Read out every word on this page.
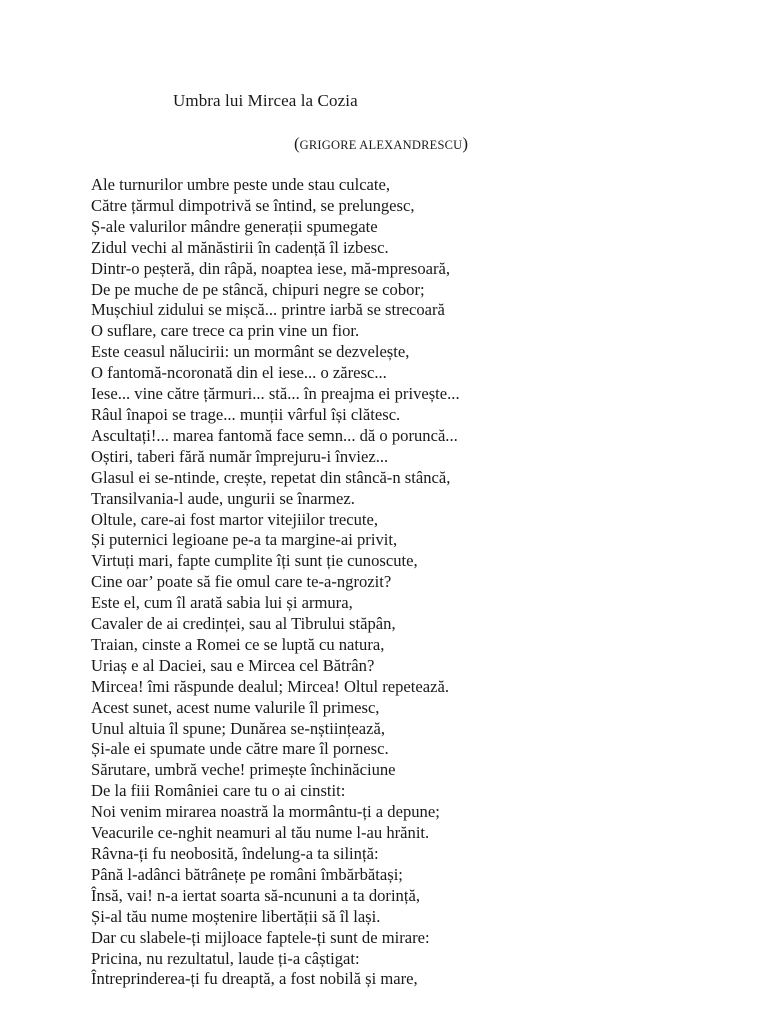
Umbra lui Mircea la Cozia
(GRIGORE ALEXANDRESCU)
Ale turnurilor umbre peste unde stau culcate,
Către țărmul dimpotrivă se întind, se prelungesc,
Ș-ale valurilor mândre generații spumegate
Zidul vechi al mănăstirii în cadență îl izbesc.
Dintr-o peșteră, din râpă, noaptea iese, mă-mpresoară,
De pe muche de pe stâncă, chipuri negre se cobor;
Mușchiul zidului se mișcă... printre iarbă se strecoară
O suflare, care trece ca prin vine un fior.
Este ceasul nălucirii: un mormânt se dezvelește,
O fantomă-ncoronată din el iese... o zăresc...
Iese... vine către țărmuri... stă... în preajma ei privește...
Râul înapoi se trage... munții vârful își clătesc.
Ascultați!... marea fantomă face semn... dă o poruncă...
Oștiri, taberi fără număr împrejuru-i înviez...
Glasul ei se-ntinde, crește, repetat din stâncă-n stâncă,
Transilvania-l aude, ungurii se înarmez.
Oltule, care-ai fost martor vitejiilor trecute,
Și puternici legioane pe-a ta margine-ai privit,
Virtuți mari, fapte cumplite îți sunt ție cunoscute,
Cine oar’ poate să fie omul care te-a-ngrozit?
Este el, cum îl arată sabia lui și armura,
Cavaler de ai credinței, sau al Tibrului stăpân,
Traian, cinste a Romei ce se luptă cu natura,
Uriaș e al Daciei, sau e Mircea cel Bătrân?
Mircea! îmi răspunde dealul; Mircea! Oltul repetează.
Acest sunet, acest nume valurile îl primesc,
Unul altuia îl spune; Dunărea se-nștiințează,
Și-ale ei spumate unde către mare îl pornesc.
Sărutare, umbră veche! primește închinăciune
De la fiii României care tu o ai cinstit:
Noi venim mirarea noastră la mormântu-ți a depune;
Veacurile ce-nghit neamuri al tău nume l-au hrănit.
Râvna-ți fu neobosită, îndelung-a ta silință:
Până l-adânci bătrânețe pe români îmbărbătași;
Însă, vai! n-a iertat soarta să-ncununi a ta dorință,
Și-al tău nume moștenire libertății să îl lași.
Dar cu slabele-ți mijloace faptele-ți sunt de mirare:
Pricina, nu rezultatul, laude ți-a câștigat:
Întreprinderea-ți fu dreaptă, a fost nobilă și mare,
